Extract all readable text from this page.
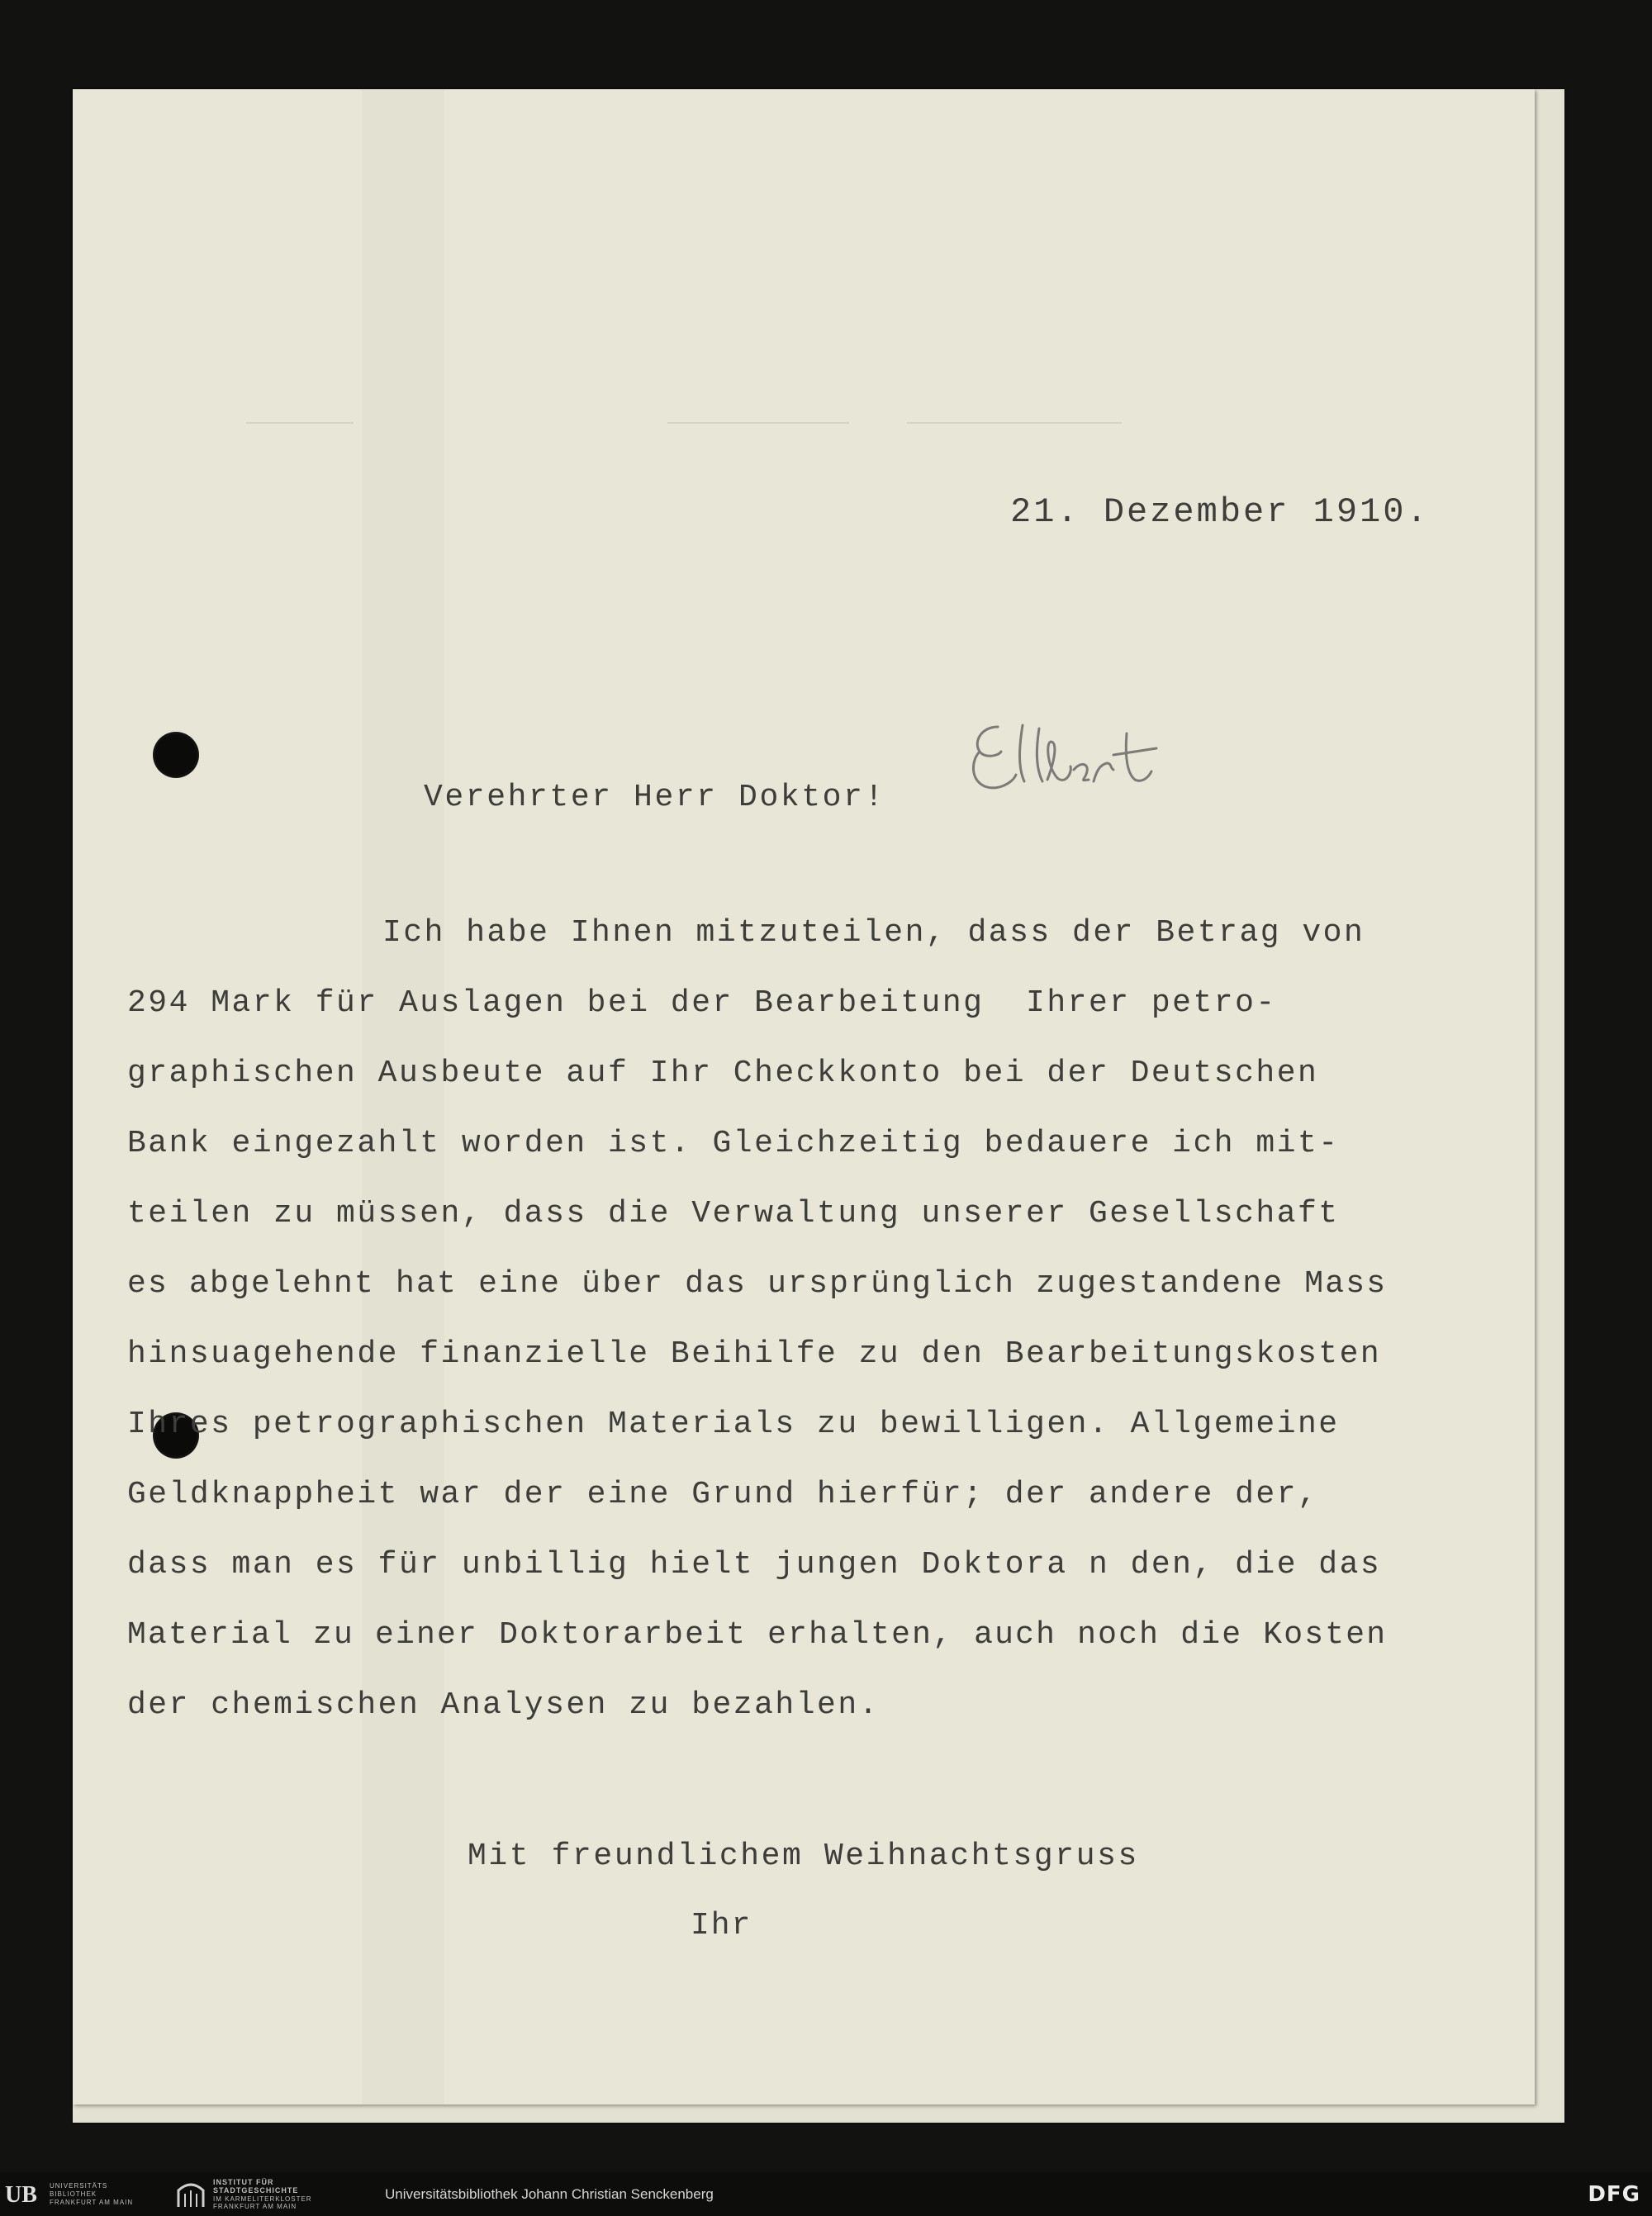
21. Dezember 1910.
Verehrter Herr Doktor!
Ich habe Ihnen mitzuteilen, dass der Betrag von
294 Mark für Auslagen bei der Bearbeitung  Ihrer petro-
graphischen Ausbeute auf Ihr Checkkonto bei der Deutschen
Bank eingezahlt worden ist. Gleichzeitig bedauere ich mit-
teilen zu müssen, dass die Verwaltung unserer Gesellschaft
es abgelehnt hat eine über das ursprünglich zugestandene Mass
hinsuagehende finanzielle Beihilfe zu den Bearbeitungskosten
Ihres petrographischen Materials zu bewilligen. Allgemeine
Geldknappheit war der eine Grund hierfür; der andere der,
dass man es für unbillig hielt jungen Doktora n den, die das
Material zu einer Doktorarbeit erhalten, auch noch die Kosten
der chemischen Analysen zu bezahlen.
Mit freundlichem Weihnachtsgruss
Ihr
UB UNIVERSITÄTS
BIBLIOTHEK
FRANKFURT AM MAIN
INSTITUT FÜR
STADTGESCHICHTE
IM KARMELITERKLOSTER
FRANKFURT AM MAIN
Universitätsbibliothek Johann Christian Senckenberg	DFG
